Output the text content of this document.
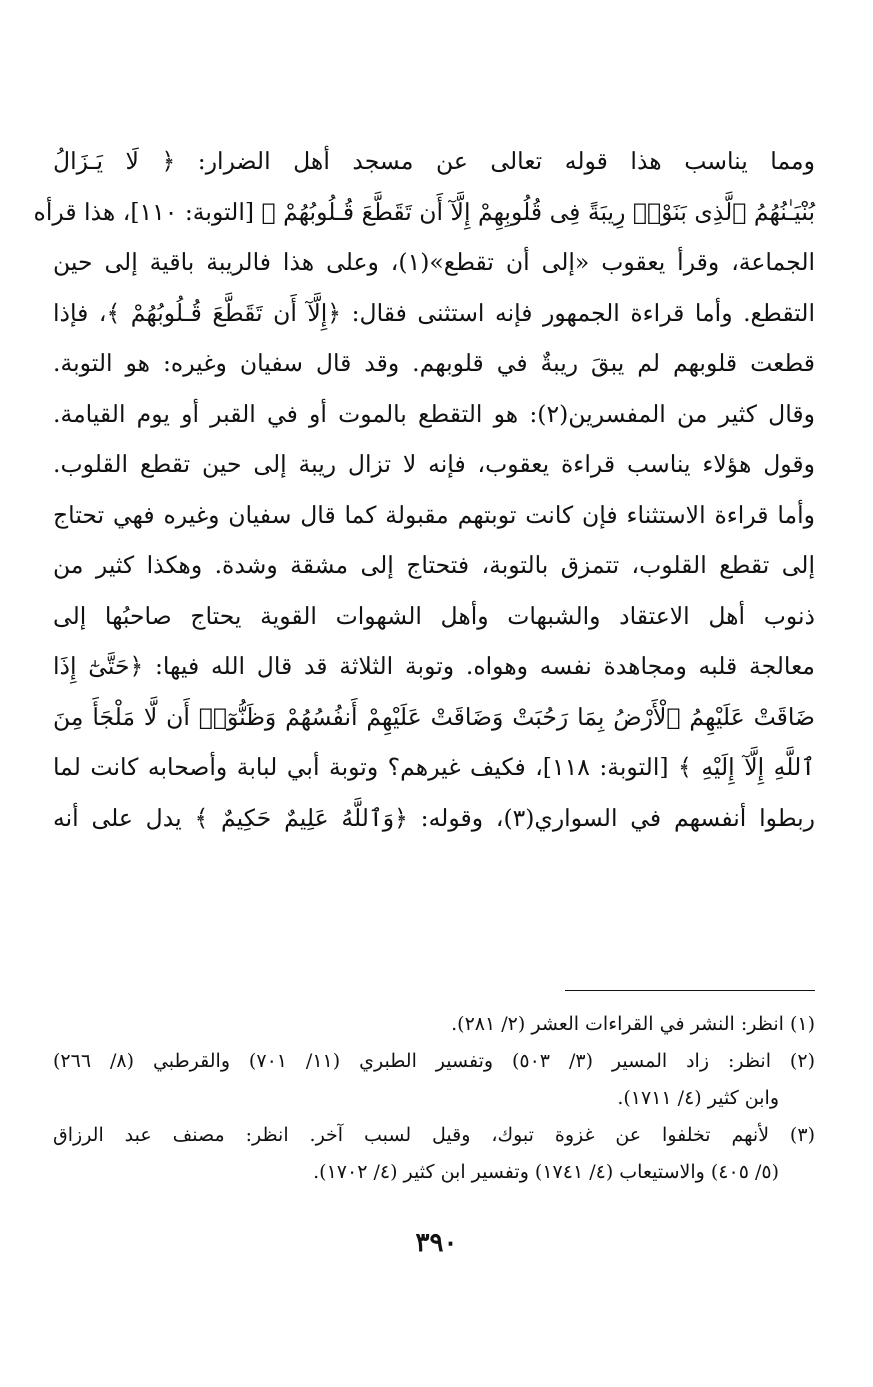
ومما يناسب هذا قوله تعالى عن مسجد أهل الضرار: ﴿ لَا يَـزَالُ
بُنْيَـٰنُهُمُ ٱلَّذِى بَنَوْا۟ رِيبَةً فِى قُلُوبِهِمْ إِلَّآ أَن تَقَطَّعَ قُـلُوبُهُمْ ﴾ [التوبة: ١١٠]، هذا قرأه
الجماعة، وقرأ يعقوب «إلى أن تقطع»(١)، وعلى هذا فالريبة باقية إلى حين
التقطع. وأما قراءة الجمهور فإنه استثنى فقال: ﴿إِلَّآ أَن تَقَطَّعَ قُـلُوبُهُمْ ﴾، فإذا
قطعت قلوبهم لم يبقَ ريبةٌ في قلوبهم. وقد قال سفيان وغيره: هو التوبة.
وقال كثير من المفسرين(٢): هو التقطع بالموت أو في القبر أو يوم القيامة.
وقول هؤلاء يناسب قراءة يعقوب، فإنه لا تزال ريبة إلى حين تقطع القلوب.
وأما قراءة الاستثناء فإن كانت توبتهم مقبولة كما قال سفيان وغيره فهي تحتاج
إلى تقطع القلوب، تتمزق بالتوبة، فتحتاج إلى مشقة وشدة. وهكذا كثير من
ذنوب أهل الاعتقاد والشبهات وأهل الشهوات القوية يحتاج صاحبُها إلى
معالجة قلبه ومجاهدة نفسه وهواه. وتوبة الثلاثة قد قال الله فيها: ﴿حَتَّىٰٓ إِذَا
ضَاقَتْ عَلَيْهِمُ ٱلْأَرْضُ بِمَا رَحُبَتْ وَضَاقَتْ عَلَيْهِمْ أَنفُسُهُمْ وَظَنُّوٓا۟ أَن لَّا مَلْجَأَ مِنَ
ٱللَّهِ إِلَّآ إِلَيْهِ ﴾ [التوبة: ١١٨]، فكيف غيرهم؟ وتوبة أبي لبابة وأصحابه كانت لما
ربطوا أنفسهم في السواري(٣)، وقوله: ﴿وَٱللَّهُ عَلِيمٌ حَكِيمٌ ﴾ يدل على أنه
(١) انظر: النشر في القراءات العشر (٢/ ٢٨١).
(٢) انظر: زاد المسير (٣/ ٥٠٣) وتفسير الطبري (١١/ ٧٠١) والقرطبي (٨/ ٢٦٦)
وابن كثير (٤/ ١٧١١).
(٣) لأنهم تخلفوا عن غزوة تبوك، وقيل لسبب آخر. انظر: مصنف عبد الرزاق
(٥/ ٤٠٥) والاستيعاب (٤/ ١٧٤١) وتفسير ابن كثير (٤/ ١٧٠٢).
٣٩٠
